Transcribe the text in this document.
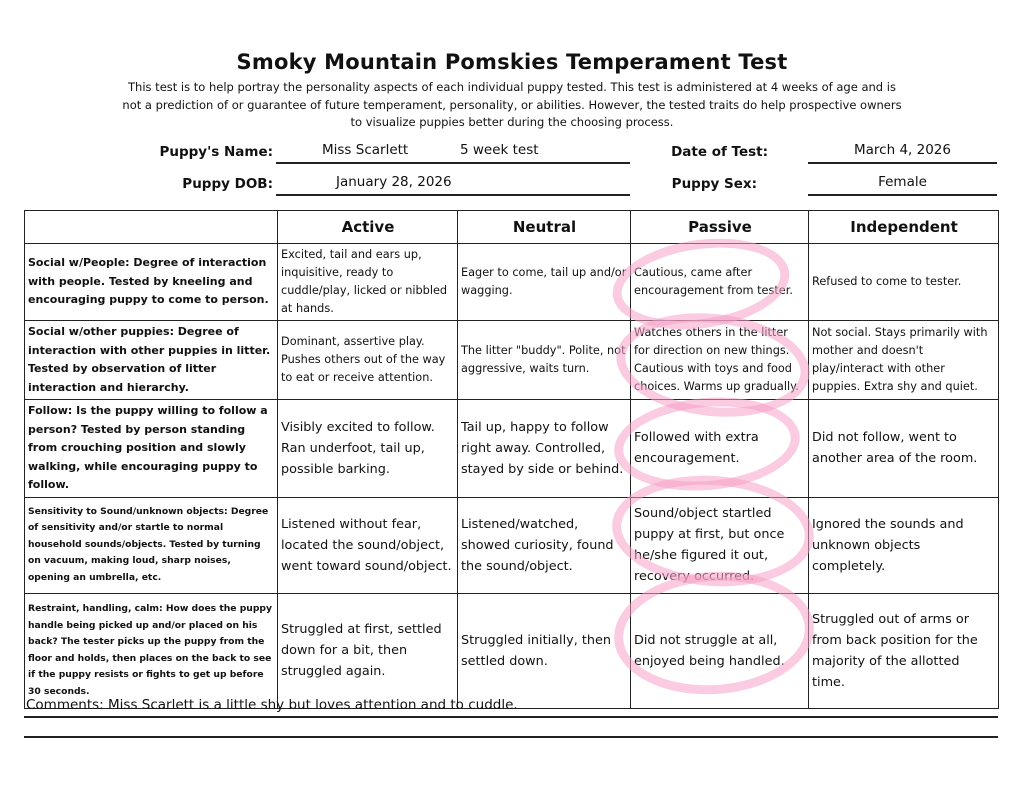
Smoky Mountain Pomskies Temperament Test
This test is to help portray the personality aspects of each individual puppy tested. This test is administered at 4 weeks of age and is not a prediction of or guarantee of future temperament, personality, or abilities. However, the tested traits do help prospective owners to visualize puppies better during the choosing process.
Puppy's Name:	Miss Scarlett	5 week test	Date of Test:	March 4, 2026
Puppy DOB:	January 28, 2026	Puppy Sex:	Female
	Active	Neutral	Passive	Independent
Social w/People: Degree of interaction with people. Tested by kneeling and encouraging puppy to come to person.	Excited, tail and ears up, inquisitive, ready to cuddle/play, licked or nibbled at hands.	Eager to come, tail up and/or wagging.	Cautious, came after encouragement from tester.	Refused to come to tester.
Social w/other puppies: Degree of interaction with other puppies in litter. Tested by observation of litter interaction and hierarchy.	Dominant, assertive play. Pushes others out of the way to eat or receive attention.	The litter "buddy". Polite, not aggressive, waits turn.	Watches others in the litter for direction on new things. Cautious with toys and food choices. Warms up gradually.	Not social. Stays primarily with mother and doesn't play/interact with other puppies. Extra shy and quiet.
Follow: Is the puppy willing to follow a person? Tested by person standing from crouching position and slowly walking, while encouraging puppy to follow.	Visibly excited to follow. Ran underfoot, tail up, possible barking.	Tail up, happy to follow right away. Controlled, stayed by side or behind.	Followed with extra encouragement.	Did not follow, went to another area of the room.
Sensitivity to Sound/unknown objects: Degree of sensitivity and/or startle to normal household sounds/objects. Tested by turning on vacuum, making loud, sharp noises, opening an umbrella, etc.	Listened without fear, located the sound/object, went toward sound/object.	Listened/watched, showed curiosity, found the sound/object.	Sound/object startled puppy at first, but once he/she figured it out, recovery occurred.	Ignored the sounds and unknown objects completely.
Restraint, handling, calm: How does the puppy handle being picked up and/or placed on his back? The tester picks up the puppy from the floor and holds, then places on the back to see if the puppy resists or fights to get up before 30 seconds.	Struggled at first, settled down for a bit, then struggled again.	Struggled initially, then settled down.	Did not struggle at all, enjoyed being handled.	Struggled out of arms or from back position for the majority of the allotted time.
Comments: Miss Scarlett is a little shy but loves attention and to cuddle.
